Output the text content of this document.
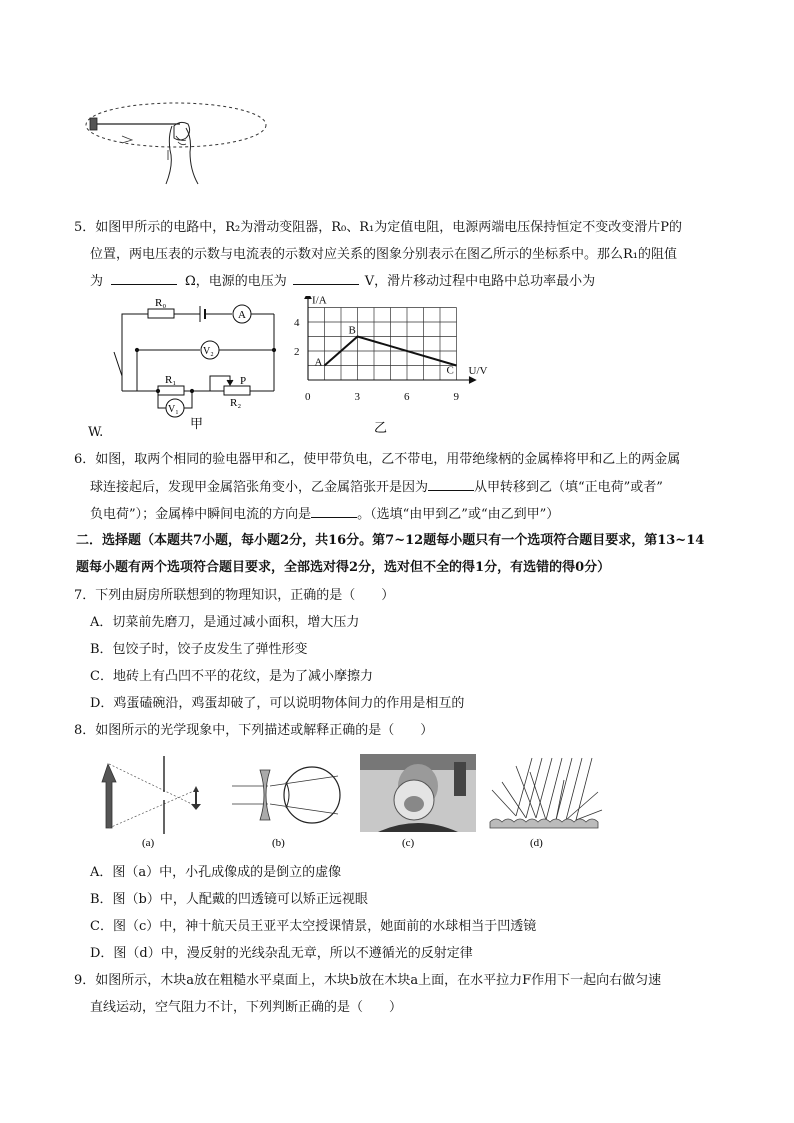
5．如图甲所示的电路中，R₂为滑动变阻器，R₀、R₁为定值电阻，电源两端电压保持恒定不变改变滑片P的
位置，两电压表的示数与电流表的示数对应关系的图象分别表示在图乙所示的坐标系中。那么R₁的阻值
为	Ω，电源的电压为	V，滑片移动过程中电路中总功率最小为
R₀
A
V₂
R₁
V₁
P
R₂
甲
I/A
U/V
4
2
0	3	6	9
A
B
C
乙
W.
6．如图，取两个相同的验电器甲和乙，使甲带负电，乙不带电，用带绝缘柄的金属棒将甲和乙上的两金属
球连接起后，发现甲金属箔张角变小，乙金属箔张开是因为	从甲转移到乙（填“正电荷”或者”
负电荷”）；金属棒中瞬间电流的方向是	。（选填“由甲到乙”或“由乙到甲”）
二．选择题（本题共7小题，每小题2分，共16分。第7~12题每小题只有一个选项符合题目要求，第13~14
题每小题有两个选项符合题目要求，全部选对得2分，选对但不全的得1分，有选错的得0分）
7．下列由厨房所联想到的物理知识，正确的是（　　）
A．切菜前先磨刀，是通过减小面积，增大压力
B．包饺子时，饺子皮发生了弹性形变
C．地砖上有凸凹不平的花纹，是为了减小摩擦力
D．鸡蛋磕碗沿，鸡蛋却破了，可以说明物体间力的作用是相互的
8．如图所示的光学现象中，下列描述或解释正确的是（　　）
(a)	(b)	(c)	(d)
A．图（a）中，小孔成像成的是倒立的虚像
B．图（b）中，人配戴的凹透镜可以矫正远视眼
C．图（c）中，神十航天员王亚平太空授课情景，她面前的水球相当于凹透镜
D．图（d）中，漫反射的光线杂乱无章，所以不遵循光的反射定律
9．如图所示，木块a放在粗糙水平桌面上，木块b放在木块a上面，在水平拉力F作用下一起向右做匀速
直线运动，空气阻力不计，下列判断正确的是（　　）
